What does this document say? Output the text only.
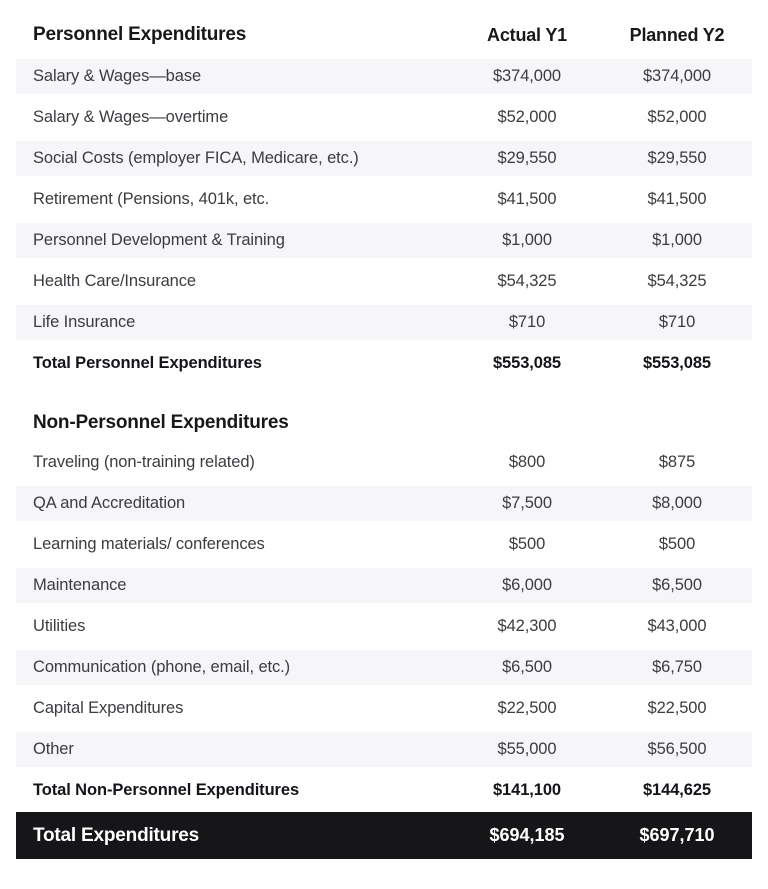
Personnel Expenditures	Actual Y1	Planned Y2
Salary & Wages—base	$374,000	$374,000
Salary & Wages—overtime	$52,000	$52,000
Social Costs (employer FICA, Medicare, etc.)	$29,550	$29,550
Retirement (Pensions, 401k, etc.	$41,500	$41,500
Personnel Development & Training	$1,000	$1,000
Health Care/Insurance	$54,325	$54,325
Life Insurance	$710	$710
Total Personnel Expenditures	$553,085	$553,085
Non-Personnel Expenditures
Traveling (non-training related)	$800	$875
QA and Accreditation	$7,500	$8,000
Learning materials/ conferences	$500	$500
Maintenance	$6,000	$6,500
Utilities	$42,300	$43,000
Communication (phone, email, etc.)	$6,500	$6,750
Capital Expenditures	$22,500	$22,500
Other	$55,000	$56,500
Total Non-Personnel Expenditures	$141,100	$144,625
Total Expenditures	$694,185	$697,710
